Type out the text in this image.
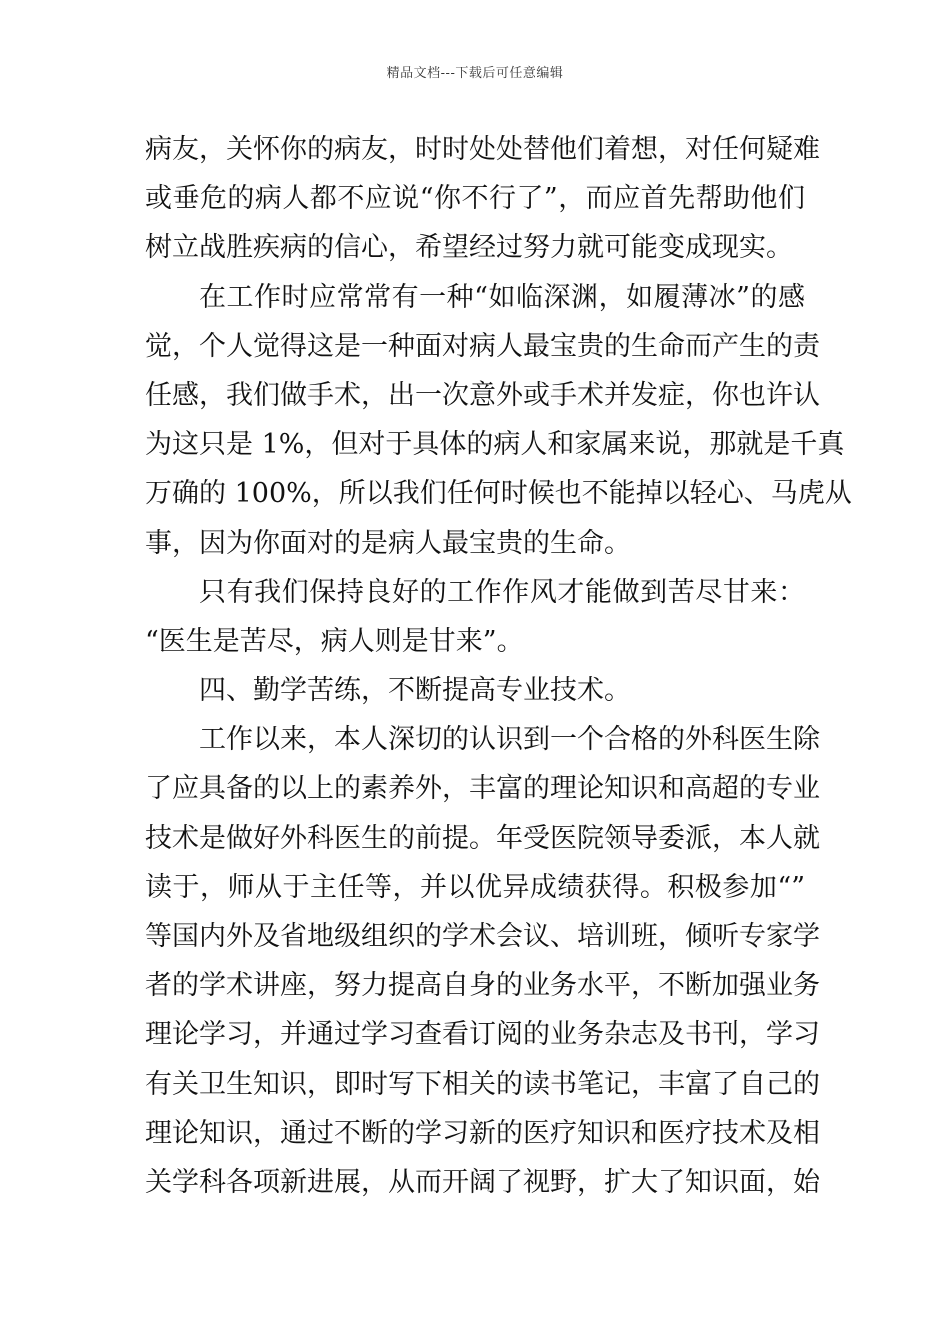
精品文档---下载后可任意编辑
病友，关怀你的病友，时时处处替他们着想，对任何疑难
或垂危的病人都不应说“你不行了”，而应首先帮助他们
树立战胜疾病的信心，希望经过努力就可能变成现实。
在工作时应常常有一种“如临深渊，如履薄冰”的感
觉，个人觉得这是一种面对病人最宝贵的生命而产生的责
任感，我们做手术，出一次意外或手术并发症，你也许认
为这只是 1%，但对于具体的病人和家属来说，那就是千真
万确的 100%，所以我们任何时候也不能掉以轻心、马虎从
事，因为你面对的是病人最宝贵的生命。
只有我们保持良好的工作作风才能做到苦尽甘来：
“医生是苦尽，病人则是甘来”。
四、勤学苦练，不断提高专业技术。
工作以来，本人深切的认识到一个合格的外科医生除
了应具备的以上的素养外，丰富的理论知识和高超的专业
技术是做好外科医生的前提。年受医院领导委派，本人就
读于，师从于主任等，并以优异成绩获得。积极参加“”
等国内外及省地级组织的学术会议、培训班，倾听专家学
者的学术讲座，努力提高自身的业务水平，不断加强业务
理论学习，并通过学习查看订阅的业务杂志及书刊，学习
有关卫生知识，即时写下相关的读书笔记，丰富了自己的
理论知识，通过不断的学习新的医疗知识和医疗技术及相
关学科各项新进展，从而开阔了视野，扩大了知识面，始
